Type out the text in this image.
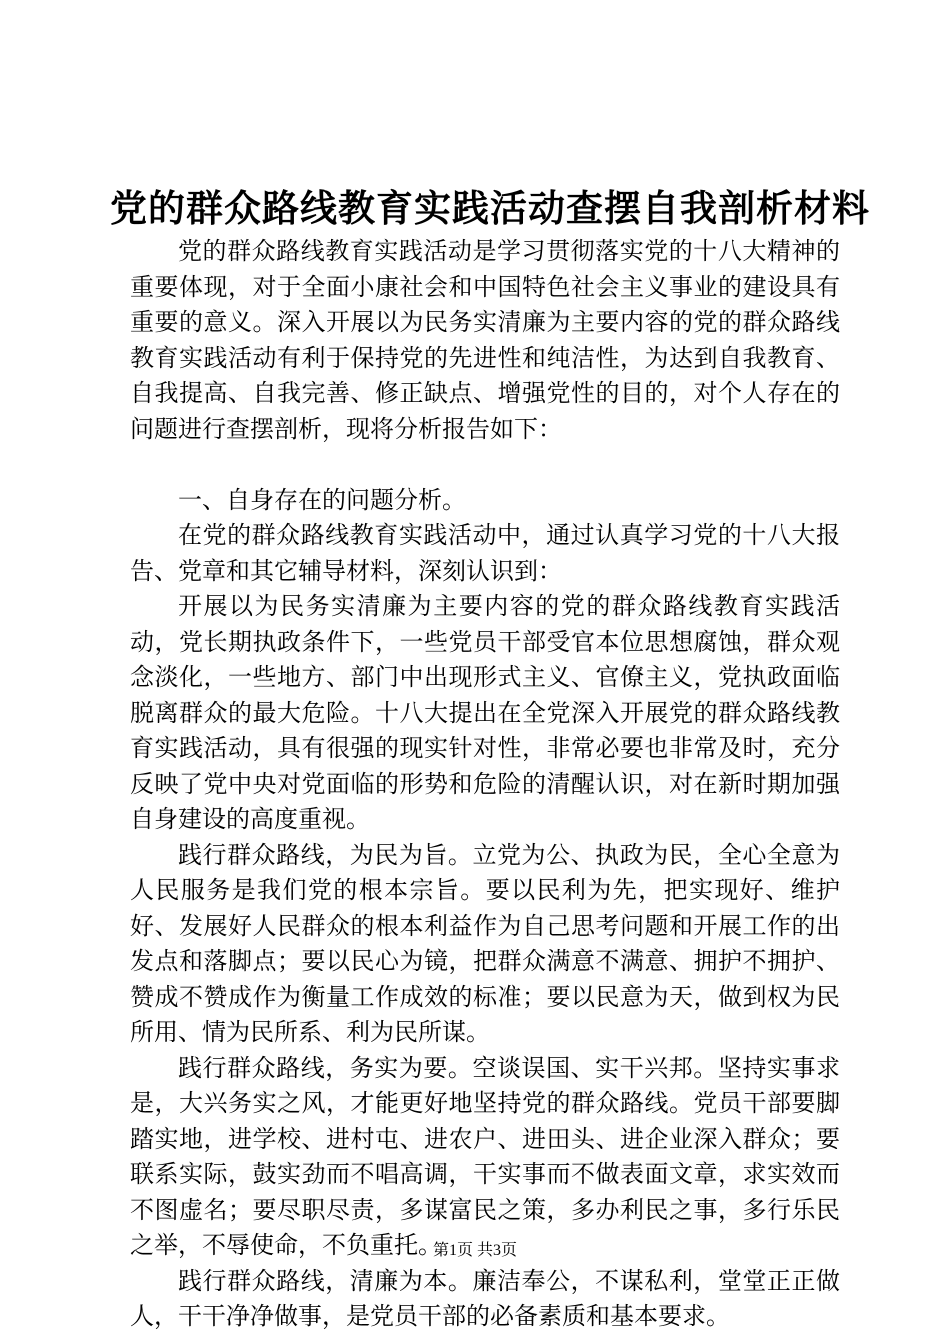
党的群众路线教育实践活动查摆自我剖析材料

党的群众路线教育实践活动是学习贯彻落实党的十八大精神的重要体现，对于全面小康社会和中国特色社会主义事业的建设具有重要的意义。深入开展以为民务实清廉为主要内容的党的群众路线教育实践活动有利于保持党的先进性和纯洁性，为达到自我教育、自我提高、自我完善、修正缺点、增强党性的目的，对个人存在的问题进行查摆剖析，现将分析报告如下：

一、自身存在的问题分析。

在党的群众路线教育实践活动中，通过认真学习党的十八大报告、党章和其它辅导材料，深刻认识到：

开展以为民务实清廉为主要内容的党的群众路线教育实践活动，党长期执政条件下，一些党员干部受官本位思想腐蚀，群众观念淡化，一些地方、部门中出现形式主义、官僚主义，党执政面临脱离群众的最大危险。十八大提出在全党深入开展党的群众路线教育实践活动，具有很强的现实针对性，非常必要也非常及时，充分反映了党中央对党面临的形势和危险的清醒认识，对在新时期加强自身建设的高度重视。

践行群众路线，为民为旨。立党为公、执政为民，全心全意为人民服务是我们党的根本宗旨。要以民利为先，把实现好、维护好、发展好人民群众的根本利益作为自己思考问题和开展工作的出发点和落脚点；要以民心为镜，把群众满意不满意、拥护不拥护、赞成不赞成作为衡量工作成效的标准；要以民意为天，做到权为民所用、情为民所系、利为民所谋。

践行群众路线，务实为要。空谈误国、实干兴邦。坚持实事求是，大兴务实之风，才能更好地坚持党的群众路线。党员干部要脚踏实地，进学校、进村屯、进农户、进田头、进企业深入群众；要联系实际，鼓实劲而不唱高调，干实事而不做表面文章，求实效而不图虚名；要尽职尽责，多谋富民之策，多办利民之事，多行乐民之举，不辱使命，不负重托。

践行群众路线，清廉为本。廉洁奉公，不谋私利，堂堂正正做人，干干净净做事，是党员干部的必备素质和基本要求。

第1页 共3页
